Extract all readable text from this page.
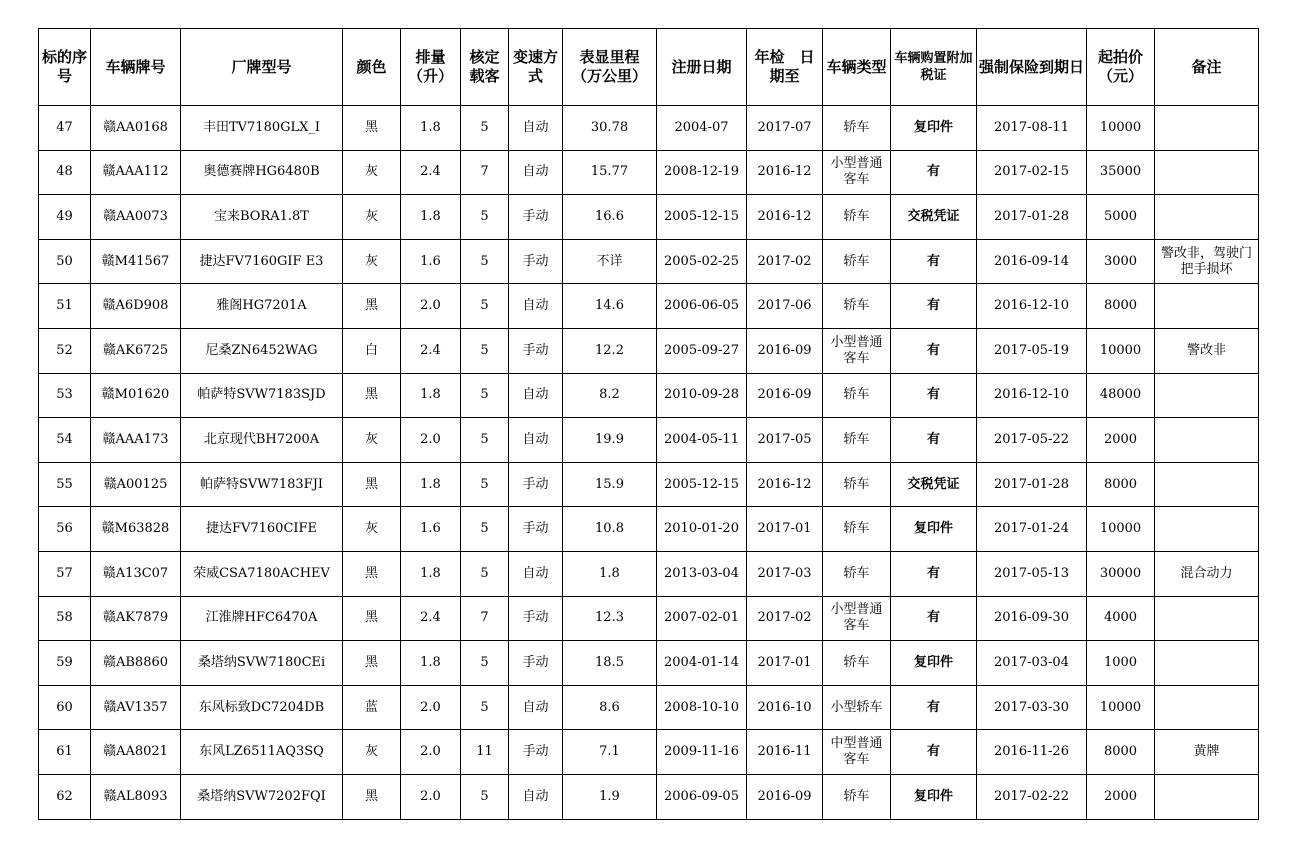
标的序号	车辆牌号	厂牌型号	颜色	排量（升）	核定载客	变速方式	表显里程（万公里）	注册日期	年检　日期至	车辆类型	车辆购置附加税证	强制保险到期日	起拍价（元）	备注
47	赣AA0168	丰田TV7180GLX_I	黑	1.8	5	自动	30.78	2004-07	2017-07	轿车	复印件	2017-08-11	10000	
48	赣AAA112	奥德赛牌HG6480B	灰	2.4	7	自动	15.77	2008-12-19	2016-12	小型普通客车	有	2017-02-15	35000	
49	赣AA0073	宝来BORA1.8T	灰	1.8	5	手动	16.6	2005-12-15	2016-12	轿车	交税凭证	2017-01-28	5000	
50	赣M41567	捷达FV7160GIF E3	灰	1.6	5	手动	不详	2005-02-25	2017-02	轿车	有	2016-09-14	3000	警改非，驾驶门把手损坏
51	赣A6D908	雅阁HG7201A	黑	2.0	5	自动	14.6	2006-06-05	2017-06	轿车	有	2016-12-10	8000	
52	赣AK6725	尼桑ZN6452WAG	白	2.4	5	手动	12.2	2005-09-27	2016-09	小型普通客车	有	2017-05-19	10000	警改非
53	赣M01620	帕萨特SVW7183SJD	黑	1.8	5	自动	8.2	2010-09-28	2016-09	轿车	有	2016-12-10	48000	
54	赣AAA173	北京现代BH7200A	灰	2.0	5	自动	19.9	2004-05-11	2017-05	轿车	有	2017-05-22	2000	
55	赣A00125	帕萨特SVW7183FJI	黑	1.8	5	手动	15.9	2005-12-15	2016-12	轿车	交税凭证	2017-01-28	8000	
56	赣M63828	捷达FV7160CIFE	灰	1.6	5	手动	10.8	2010-01-20	2017-01	轿车	复印件	2017-01-24	10000	
57	赣A13C07	荣威CSA7180ACHEV	黑	1.8	5	自动	1.8	2013-03-04	2017-03	轿车	有	2017-05-13	30000	混合动力
58	赣AK7879	江淮牌HFC6470A	黑	2.4	7	手动	12.3	2007-02-01	2017-02	小型普通客车	有	2016-09-30	4000	
59	赣AB8860	桑塔纳SVW7180CEi	黑	1.8	5	手动	18.5	2004-01-14	2017-01	轿车	复印件	2017-03-04	1000	
60	赣AV1357	东风标致DC7204DB	蓝	2.0	5	自动	8.6	2008-10-10	2016-10	小型轿车	有	2017-03-30	10000	
61	赣AA8021	东风LZ6511AQ3SQ	灰	2.0	11	手动	7.1	2009-11-16	2016-11	中型普通客车	有	2016-11-26	8000	黄牌
62	赣AL8093	桑塔纳SVW7202FQI	黑	2.0	5	自动	1.9	2006-09-05	2016-09	轿车	复印件	2017-02-22	2000	
